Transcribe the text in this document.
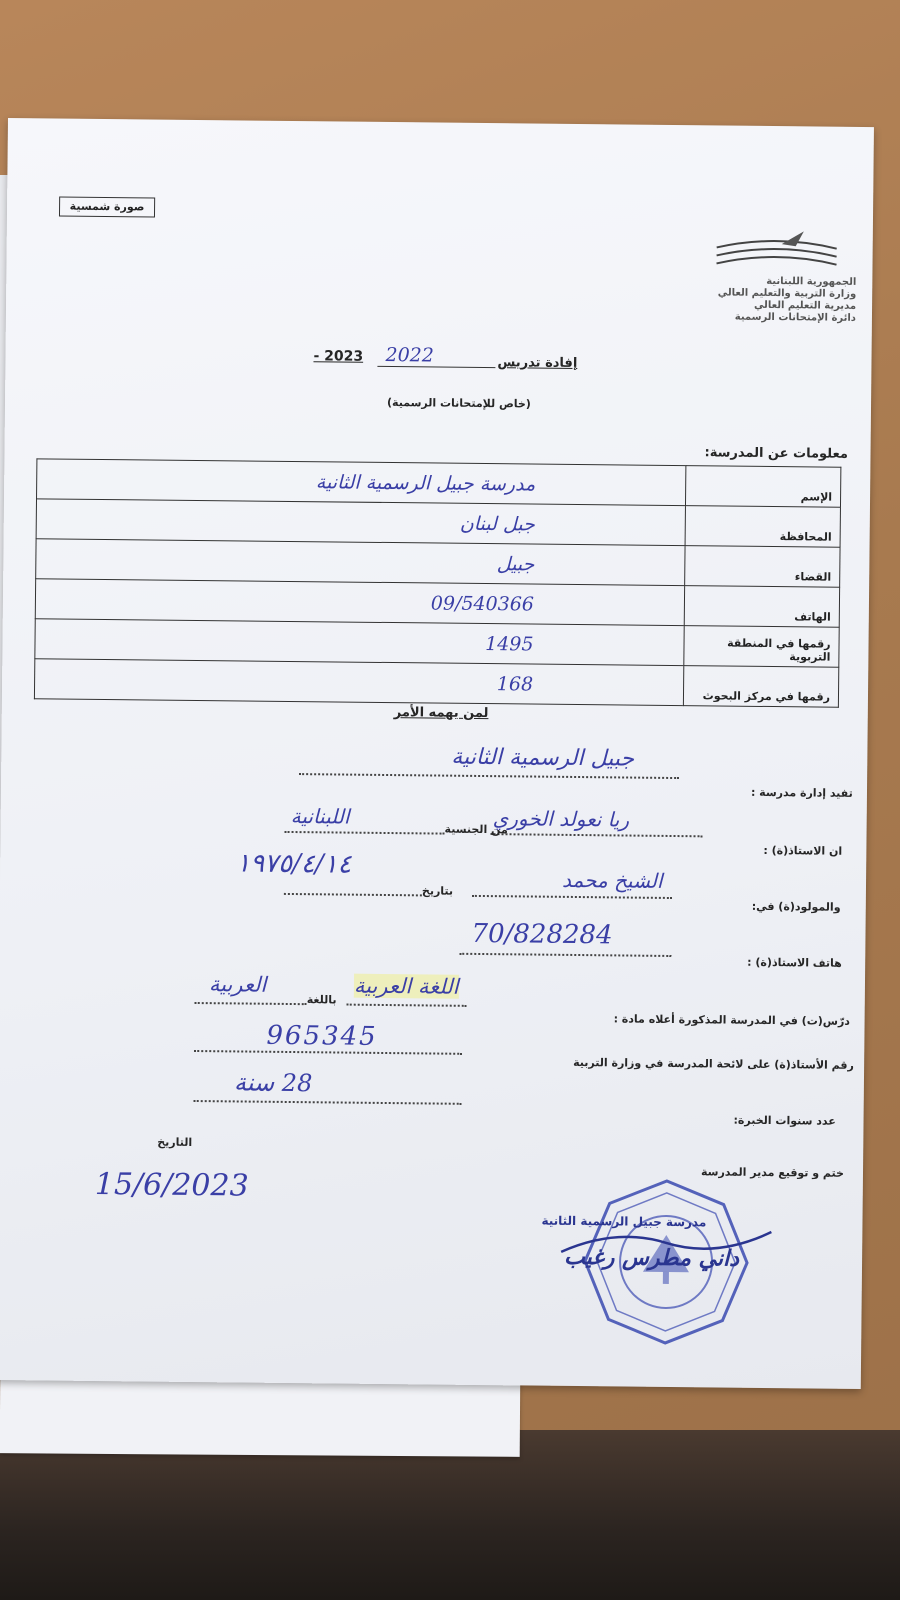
صورة شمسية
الجمهورية اللبنانية
وزارة التربية والتعليم العالي
مديرية التعليم العالي
دائرة الإمتحانات الرسمية
إفادة تدريس
2022
- 2023
(خاص للإمتحانات الرسمية)
معلومات عن المدرسة:
الإسم	مدرسة جبيل الرسمية الثانية
المحافظة	جبل لبنان
القضاء	جبيل
الهاتف	09/540366
رقمها في المنطقة التربوية	1495
رقمها في مركز البحوث	168
لمن يهمه الأمر
تفيد إدارة مدرسة :
جبيل الرسمية الثانية
ان الاستاذ(ة) :
ريا نعولد الخوري
من الجنسية
اللبنانية
والمولود(ة) في:
الشيخ محمد
بتاريخ
١٩٧٥/٤/١٤
هاتف الاستاذ(ة) :
70/828284
درّس(ت) في المدرسة المذكورة أعلاه مادة :
اللغة العربية
باللغة
العربية
رقم الأستاذ(ة) على لائحة المدرسة في وزارة التربية
965345
عدد سنوات الخبرة:
28 سنة
التاريخ
ختم و توقيع مدير المدرسة
15/6/2023
مدرسة جبيل الرسمية الثانية
داني مطرس رغيب
